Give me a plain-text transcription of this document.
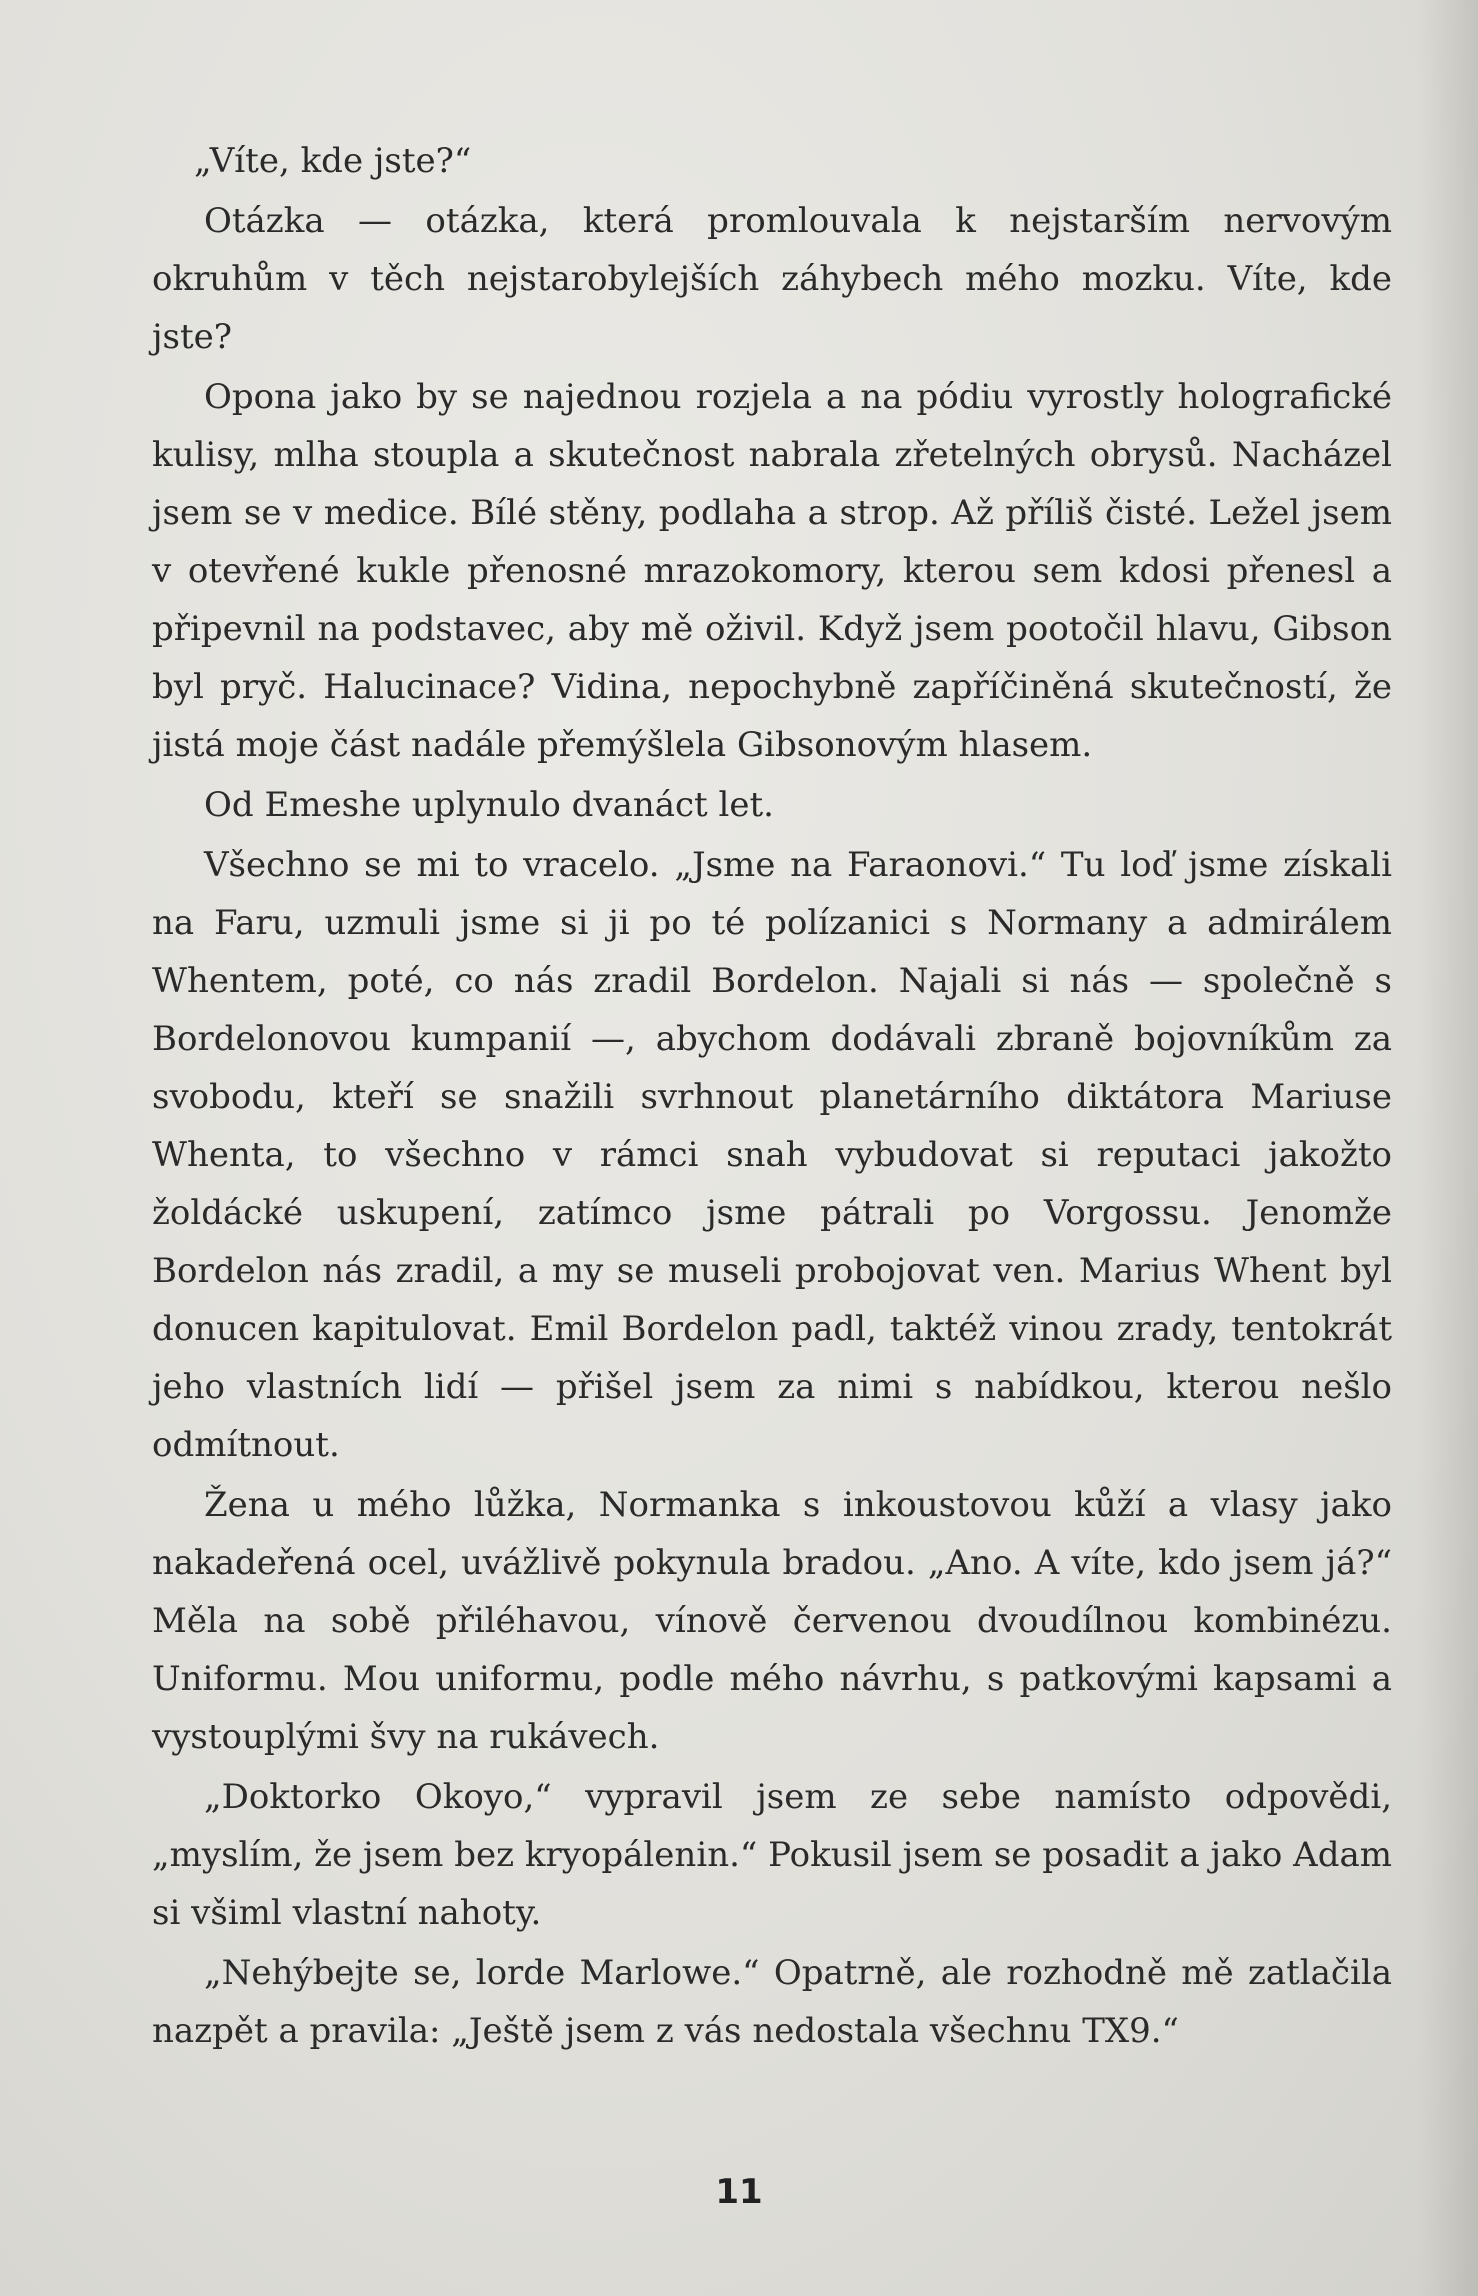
„Víte, kde jste?“

Otázka — otázka, která promlouvala k nejstarším nervovým okruhům v těch nejstarobylejších záhybech mého mozku. Víte, kde jste?

Opona jako by se najednou rozjela a na pódiu vyrostly holografické kulisy, mlha stoupla a skutečnost nabrala zřetelných obrysů. Nacházel jsem se v medice. Bílé stěny, podlaha a strop. Až příliš čisté. Ležel jsem v otevřené kukle přenosné mrazokomory, kterou sem kdosi přenesl a připevnil na podstavec, aby mě oživil. Když jsem pootočil hlavu, Gibson byl pryč. Halucinace? Vidina, nepochybně zapříčiněná skutečností, že jistá moje část nadále přemýšlela Gibsonovým hlasem.

Od Emeshe uplynulo dvanáct let.

Všechno se mi to vracelo. „Jsme na Faraonovi.“ Tu loď jsme získali na Faru, uzmuli jsme si ji po té polízanici s Normany a admirálem Whentem, poté, co nás zradil Bordelon. Najali si nás — společně s Bordelonovou kumpanií —, abychom dodávali zbraně bojovníkům za svobodu, kteří se snažili svrhnout planetárního diktátora Mariuse Whenta, to všechno v rámci snah vybudovat si reputaci jakožto žoldácké uskupení, zatímco jsme pátrali po Vorgossu. Jenomže Bordelon nás zradil, a my se museli probojovat ven. Marius Whent byl donucen kapitulovat. Emil Bordelon padl, taktéž vinou zrady, tentokrát jeho vlastních lidí — přišel jsem za nimi s nabídkou, kterou nešlo odmítnout.

Žena u mého lůžka, Normanka s inkoustovou kůží a vlasy jako nakadeřená ocel, uvážlivě pokynula bradou. „Ano. A víte, kdo jsem já?“ Měla na sobě přiléhavou, vínově červenou dvoudílnou kombinézu. Uniformu. Mou uniformu, podle mého návrhu, s patkovými kapsami a vystouplými švy na rukávech.

„Doktorko Okoyo,“ vypravil jsem ze sebe namísto odpovědi, „myslím, že jsem bez kryopálenin.“ Pokusil jsem se posadit a jako Adam si všiml vlastní nahoty.

„Nehýbejte se, lorde Marlowe.“ Opatrně, ale rozhodně mě zatlačila nazpět a pravila: „Ještě jsem z vás nedostala všechnu TX9.“

11
